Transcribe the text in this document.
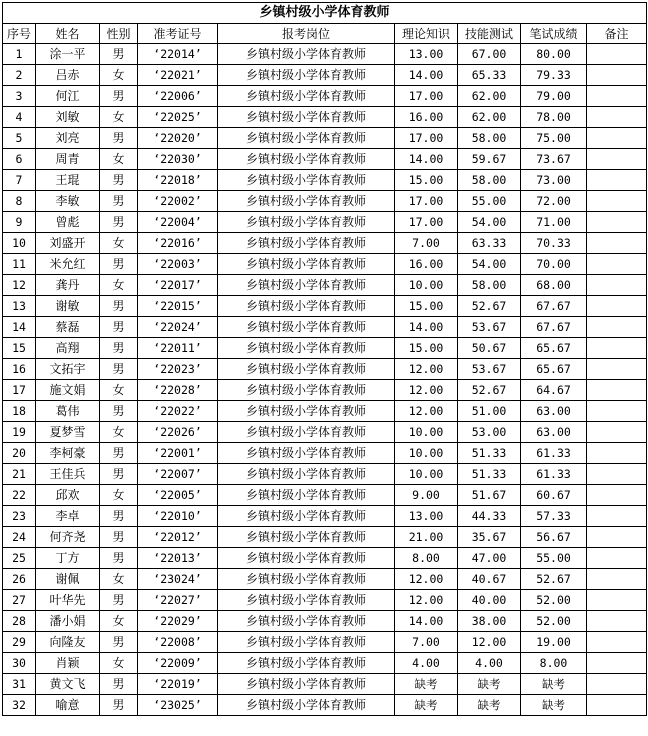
乡镇村级小学体育教师								
序号	姓名	性别	准考证号	报考岗位	理论知识	技能测试	笔试成绩	备注
1	涂一平	男	‘22014’	乡镇村级小学体育教师	13.00	67.00	80.00	
2	吕赤	女	‘22021’	乡镇村级小学体育教师	14.00	65.33	79.33	
3	何江	男	‘22006’	乡镇村级小学体育教师	17.00	62.00	79.00	
4	刘敏	女	‘22025’	乡镇村级小学体育教师	16.00	62.00	78.00	
5	刘亮	男	‘22020’	乡镇村级小学体育教师	17.00	58.00	75.00	
6	周青	女	‘22030’	乡镇村级小学体育教师	14.00	59.67	73.67	
7	王琨	男	‘22018’	乡镇村级小学体育教师	15.00	58.00	73.00	
8	李敏	男	‘22002’	乡镇村级小学体育教师	17.00	55.00	72.00	
9	曾彪	男	‘22004’	乡镇村级小学体育教师	17.00	54.00	71.00	
10	刘盛开	女	‘22016’	乡镇村级小学体育教师	7.00	63.33	70.33	
11	米允红	男	‘22003’	乡镇村级小学体育教师	16.00	54.00	70.00	
12	龚丹	女	‘22017’	乡镇村级小学体育教师	10.00	58.00	68.00	
13	谢敏	男	‘22015’	乡镇村级小学体育教师	15.00	52.67	67.67	
14	蔡磊	男	‘22024’	乡镇村级小学体育教师	14.00	53.67	67.67	
15	高翔	男	‘22011’	乡镇村级小学体育教师	15.00	50.67	65.67	
16	文拓宇	男	‘22023’	乡镇村级小学体育教师	12.00	53.67	65.67	
17	施文娟	女	‘22028’	乡镇村级小学体育教师	12.00	52.67	64.67	
18	葛伟	男	‘22022’	乡镇村级小学体育教师	12.00	51.00	63.00	
19	夏梦雪	女	‘22026’	乡镇村级小学体育教师	10.00	53.00	63.00	
20	李柯豪	男	‘22001’	乡镇村级小学体育教师	10.00	51.33	61.33	
21	王佳兵	男	‘22007’	乡镇村级小学体育教师	10.00	51.33	61.33	
22	邱欢	女	‘22005’	乡镇村级小学体育教师	9.00	51.67	60.67	
23	李卓	男	‘22010’	乡镇村级小学体育教师	13.00	44.33	57.33	
24	何齐尧	男	‘22012’	乡镇村级小学体育教师	21.00	35.67	56.67	
25	丁方	男	‘22013’	乡镇村级小学体育教师	8.00	47.00	55.00	
26	谢佩	女	‘23024’	乡镇村级小学体育教师	12.00	40.67	52.67	
27	叶华先	男	‘22027’	乡镇村级小学体育教师	12.00	40.00	52.00	
28	潘小娟	女	‘22029’	乡镇村级小学体育教师	14.00	38.00	52.00	
29	向隆友	男	‘22008’	乡镇村级小学体育教师	7.00	12.00	19.00	
30	肖颖	女	‘22009’	乡镇村级小学体育教师	4.00	4.00	8.00	
31	黄文飞	男	‘22019’	乡镇村级小学体育教师	缺考	缺考	缺考	
32	喻意	男	‘23025’	乡镇村级小学体育教师	缺考	缺考	缺考	
